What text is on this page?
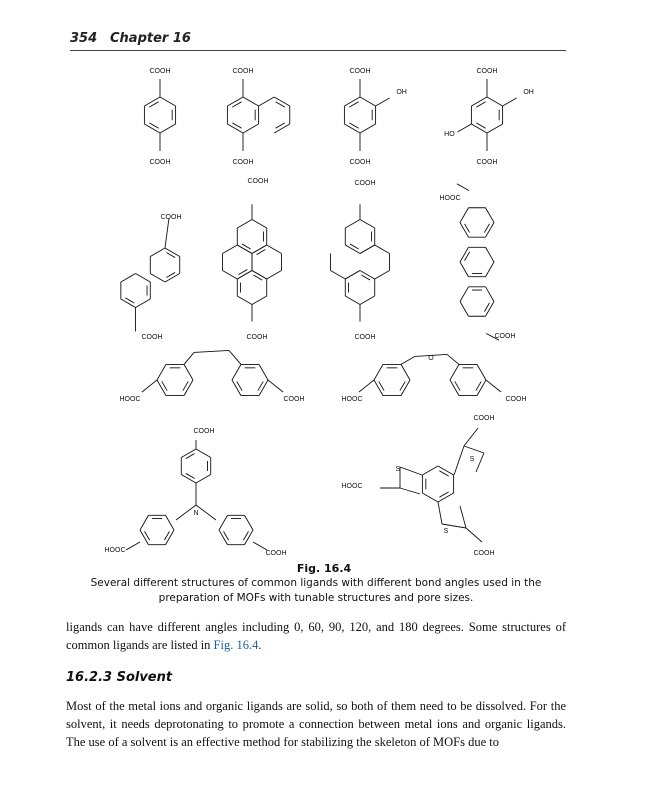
354 Chapter 16
COOH
COOH
COOH
COOH
COOH
COOH
COOH
COOH
OH	OH
HO
COOH
COOH
COOH
COOH
COOH
COOH
HOOC
COOH
HOOC	COOH
O
HOOC	COOH
COOH
N
HOOC	COOH
S
S
S
HOOC
COOH
COOH
Fig. 16.4
Several different structures of common ligands with different bond angles used in the preparation of MOFs with tunable structures and pore sizes.

ligands can have different angles including 0, 60, 90, 120, and 180 degrees. Some structures of common ligands are listed in Fig. 16.4.

16.2.3 Solvent

Most of the metal ions and organic ligands are solid, so both of them need to be dissolved. For the solvent, it needs deprotonating to promote a connection between metal ions and organic ligands. The use of a solvent is an effective method for stabilizing the skeleton of MOFs due to
